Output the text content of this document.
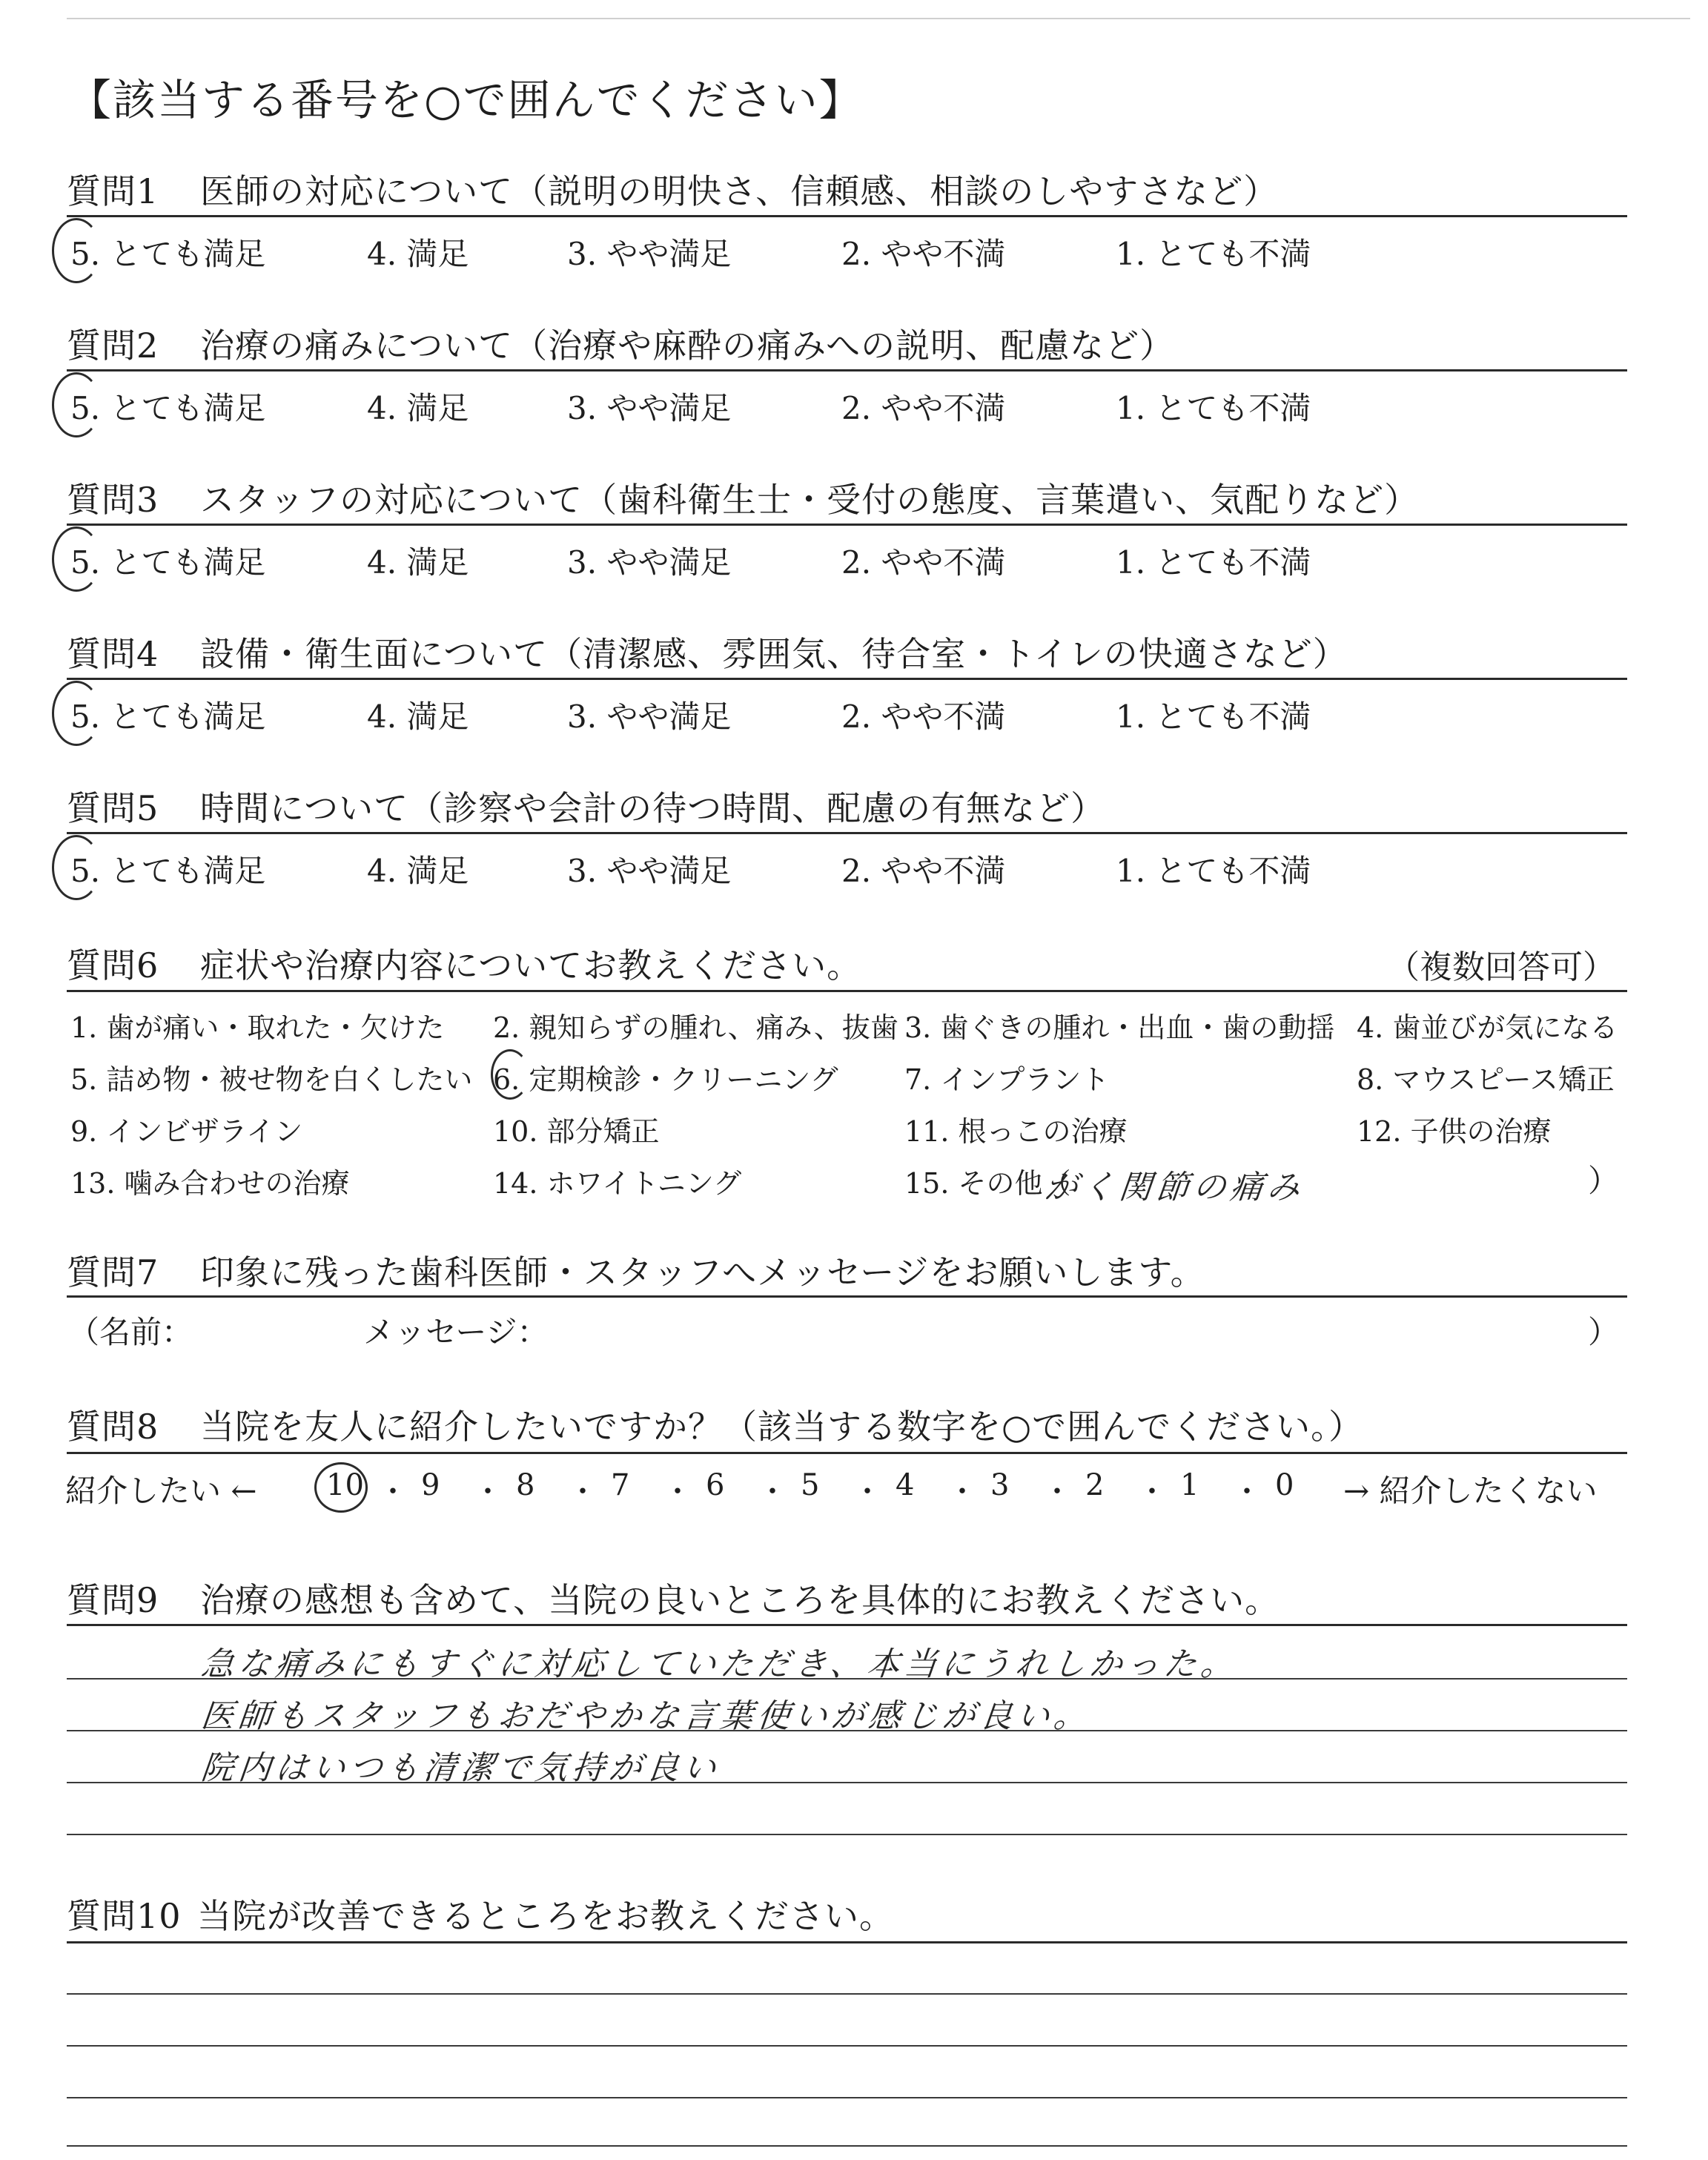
【該当する番号を○で囲んでください】
質問1 医師の対応について（説明の明快さ、信頼感、相談のしやすさなど）
5. とても満足	4. 満足	3. やや満足	2. やや不満	1. とても不満
質問2 治療の痛みについて（治療や麻酔の痛みへの説明、配慮など）
5. とても満足	4. 満足	3. やや満足	2. やや不満	1. とても不満
質問3 スタッフの対応について（歯科衛生士・受付の態度、言葉遣い、気配りなど）
5. とても満足	4. 満足	3. やや満足	2. やや不満	1. とても不満
質問4 設備・衛生面について（清潔感、雰囲気、待合室・トイレの快適さなど）
5. とても満足	4. 満足	3. やや満足	2. やや不満	1. とても不満
質問5 時間について（診察や会計の待つ時間、配慮の有無など）
5. とても満足	4. 満足	3. やや満足	2. やや不満	1. とても不満
質問6 症状や治療内容についてお教えください。	（複数回答可）
1. 歯が痛い・取れた・欠けた 2. 親知らずの腫れ、痛み、抜歯 3. 歯ぐきの腫れ・出血・歯の動揺 4. 歯並びが気になる
5. 詰め物・被せ物を白くしたい 6. 定期検診・クリーニング 7. インプラント	8. マウスピース矯正
9. インビザライン	10. 部分矯正	11. 根っこの治療	12. 子供の治療
13. 噛み合わせの治療	14. ホワイトニング	15. その他（
がく関節の痛み	）
質問7 印象に残った歯科医師・スタッフへメッセージをお願いします。
（名前：	メッセージ：	）
質問8 当院を友人に紹介したいですか？（該当する数字を○で囲んでください。）
紹介したい ←	→ 紹介したくない
10 ・ 9 ・ 8 ・ 7 ・ 6 ・ 5 ・ 4 ・ 3 ・ 2 ・ 1 ・ 0
質問9 治療の感想も含めて、当院の良いところを具体的にお教えください。
急な痛みにもすぐに対応していただき、本当にうれしかった。
医師もスタッフもおだやかな言葉使いが感じが良い。
院内はいつも清潔で気持が良い
質問10 当院が改善できるところをお教えください。
